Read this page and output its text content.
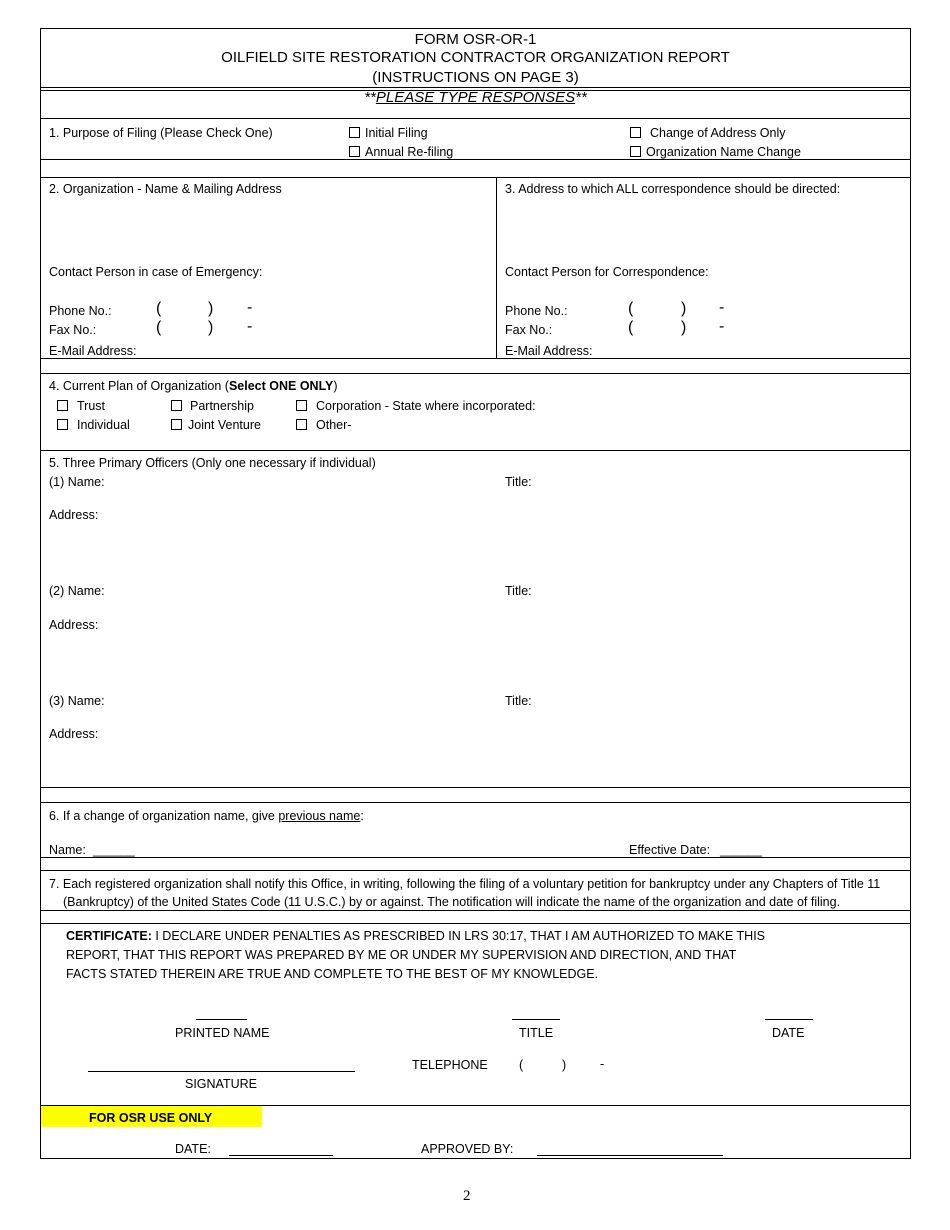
FORM OSR-OR-1
OILFIELD SITE RESTORATION CONTRACTOR ORGANIZATION REPORT
(INSTRUCTIONS ON PAGE 3)
**PLEASE TYPE RESPONSES**
1. Purpose of Filing (Please Check One)	Initial Filing
Annual Re-filing
Change of Address Only
Organization Name Change
2. Organization - Name & Mailing Address
Contact Person in case of Emergency:
Phone No.:	(	) -
Fax No.:	(	) -
E-Mail Address:
3. Address to which ALL correspondence should be directed:
Contact Person for Correspondence:
Phone No.:	(	) -
Fax No.:	(	) -
E-Mail Address:
4. Current Plan of Organization (Select ONE ONLY)
Trust	Partnership	Corporation - State where incorporated:
Individual	Joint Venture	Other-
5. Three Primary Officers (Only one necessary if individual)
(1) Name:	Title:
Address:
(2) Name:	Title:
Address:
(3) Name:	Title:
Address:
6. If a change of organization name, give previous name:
Name: ______	Effective Date: ______
7. Each registered organization shall notify this Office, in writing, following the filing of a voluntary petition for bankruptcy under any Chapters of Title 11
(Bankruptcy) of the United States Code (11 U.S.C.) by or against. The notification will indicate the name of the organization and date of filing.
CERTIFICATE: I DECLARE UNDER PENALTIES AS PRESCRIBED IN LRS 30:17, THAT I AM AUTHORIZED TO MAKE THIS
REPORT, THAT THIS REPORT WAS PREPARED BY ME OR UNDER MY SUPERVISION AND DIRECTION, AND THAT
FACTS STATED THEREIN ARE TRUE AND COMPLETE TO THE BEST OF MY KNOWLEDGE.
PRINTED NAME	TITLE	DATE
TELEPHONE	(	)	-
SIGNATURE
FOR OSR USE ONLY
DATE:	APPROVED BY:
2
